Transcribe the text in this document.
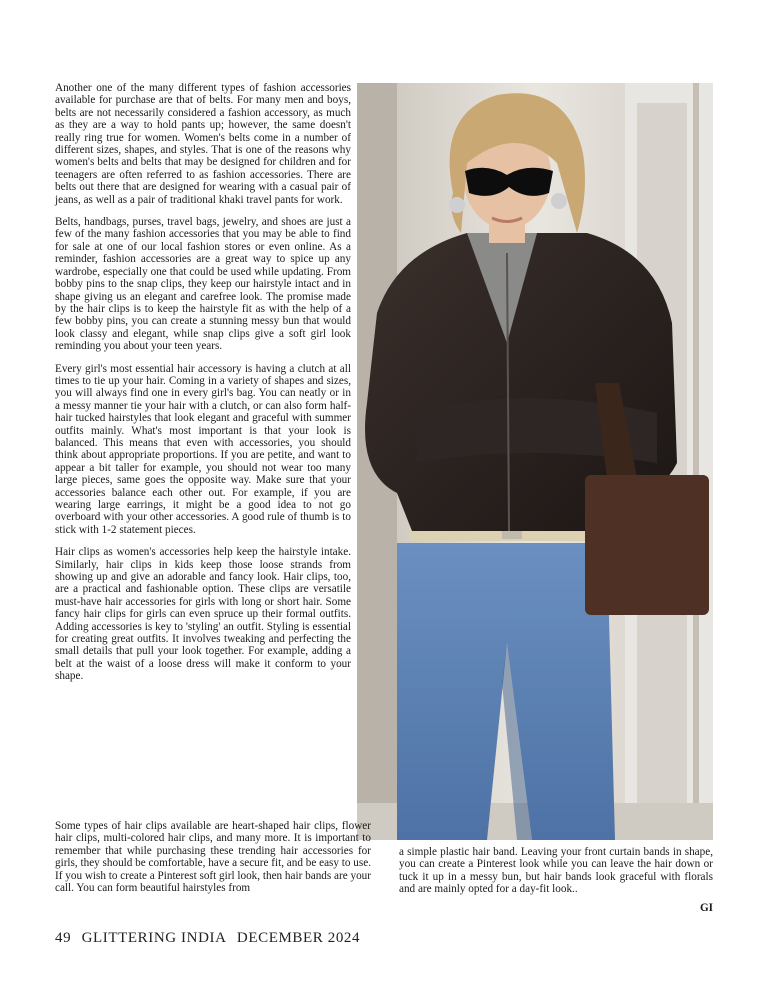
Another one of the many different types of fashion accessories available for purchase are that of belts. For many men and boys, belts are not necessarily considered a fashion accessory, as much as they are a way to hold pants up; however, the same doesn't really ring true for women. Women's belts come in a number of different sizes, shapes, and styles. That is one of the reasons why women's belts and belts that may be designed for children and for teenagers are often referred to as fashion accessories. There are belts out there that are designed for wearing with a casual pair of jeans, as well as a pair of traditional khaki travel pants for work.

Belts, handbags, purses, travel bags, jewelry, and shoes are just a few of the many fashion accessories that you may be able to find for sale at one of our local fashion stores or even online. As a reminder, fashion accessories are a great way to spice up any wardrobe, especially one that could be used while updating. From bobby pins to the snap clips, they keep our hairstyle intact and in shape giving us an elegant and carefree look. The promise made by the hair clips is to keep the hairstyle fit as with the help of a few bobby pins, you can create a stunning messy bun that would look classy and elegant, while snap clips give a soft girl look reminding you about your teen years.

Every girl's most essential hair accessory is having a clutch at all times to tie up your hair. Coming in a variety of shapes and sizes, you will always find one in every girl's bag. You can neatly or in a messy manner tie your hair with a clutch, or can also form half-hair tucked hairstyles that look elegant and graceful with summer outfits mainly. What's most important is that your look is balanced. This means that even with accessories, you should think about appropriate proportions. If you are petite, and want to appear a bit taller for example, you should not wear too many large pieces, same goes the opposite way. Make sure that your accessories balance each other out. For example, if you are wearing large earrings, it might be a good idea to not go overboard with your other accessories. A good rule of thumb is to stick with 1-2 statement pieces.

Hair clips as women's accessories help keep the hairstyle intake. Similarly, hair clips in kids keep those loose strands from showing up and give an adorable and fancy look. Hair clips, too, are a practical and fashionable option. These clips are versatile must-have hair accessories for girls with long or short hair. Some fancy hair clips for girls can even spruce up their formal outfits. Adding accessories is key to 'styling' an outfit. Styling is essential for creating great outfits. It involves tweaking and perfecting the small details that pull your look together. For example, adding a belt at the waist of a loose dress will make it conform to your shape.

Some types of hair clips available are heart-shaped hair clips, flower hair clips, multi-colored hair clips, and many more. It is important to remember that while purchasing these trending hair accessories for girls, they should be comfortable, have a secure fit, and be easy to use. If you wish to create a Pinterest soft girl look, then hair bands are your call. You can form beautiful hairstyles from
a simple plastic hair band. Leaving your front curtain bands in shape, you can create a Pinterest look while you can leave the hair down or tuck it up in a messy bun, but hair bands look graceful with florals and are mainly opted for a day-fit look..
GI
49 GLITTERING INDIA DECEMBER 2024
